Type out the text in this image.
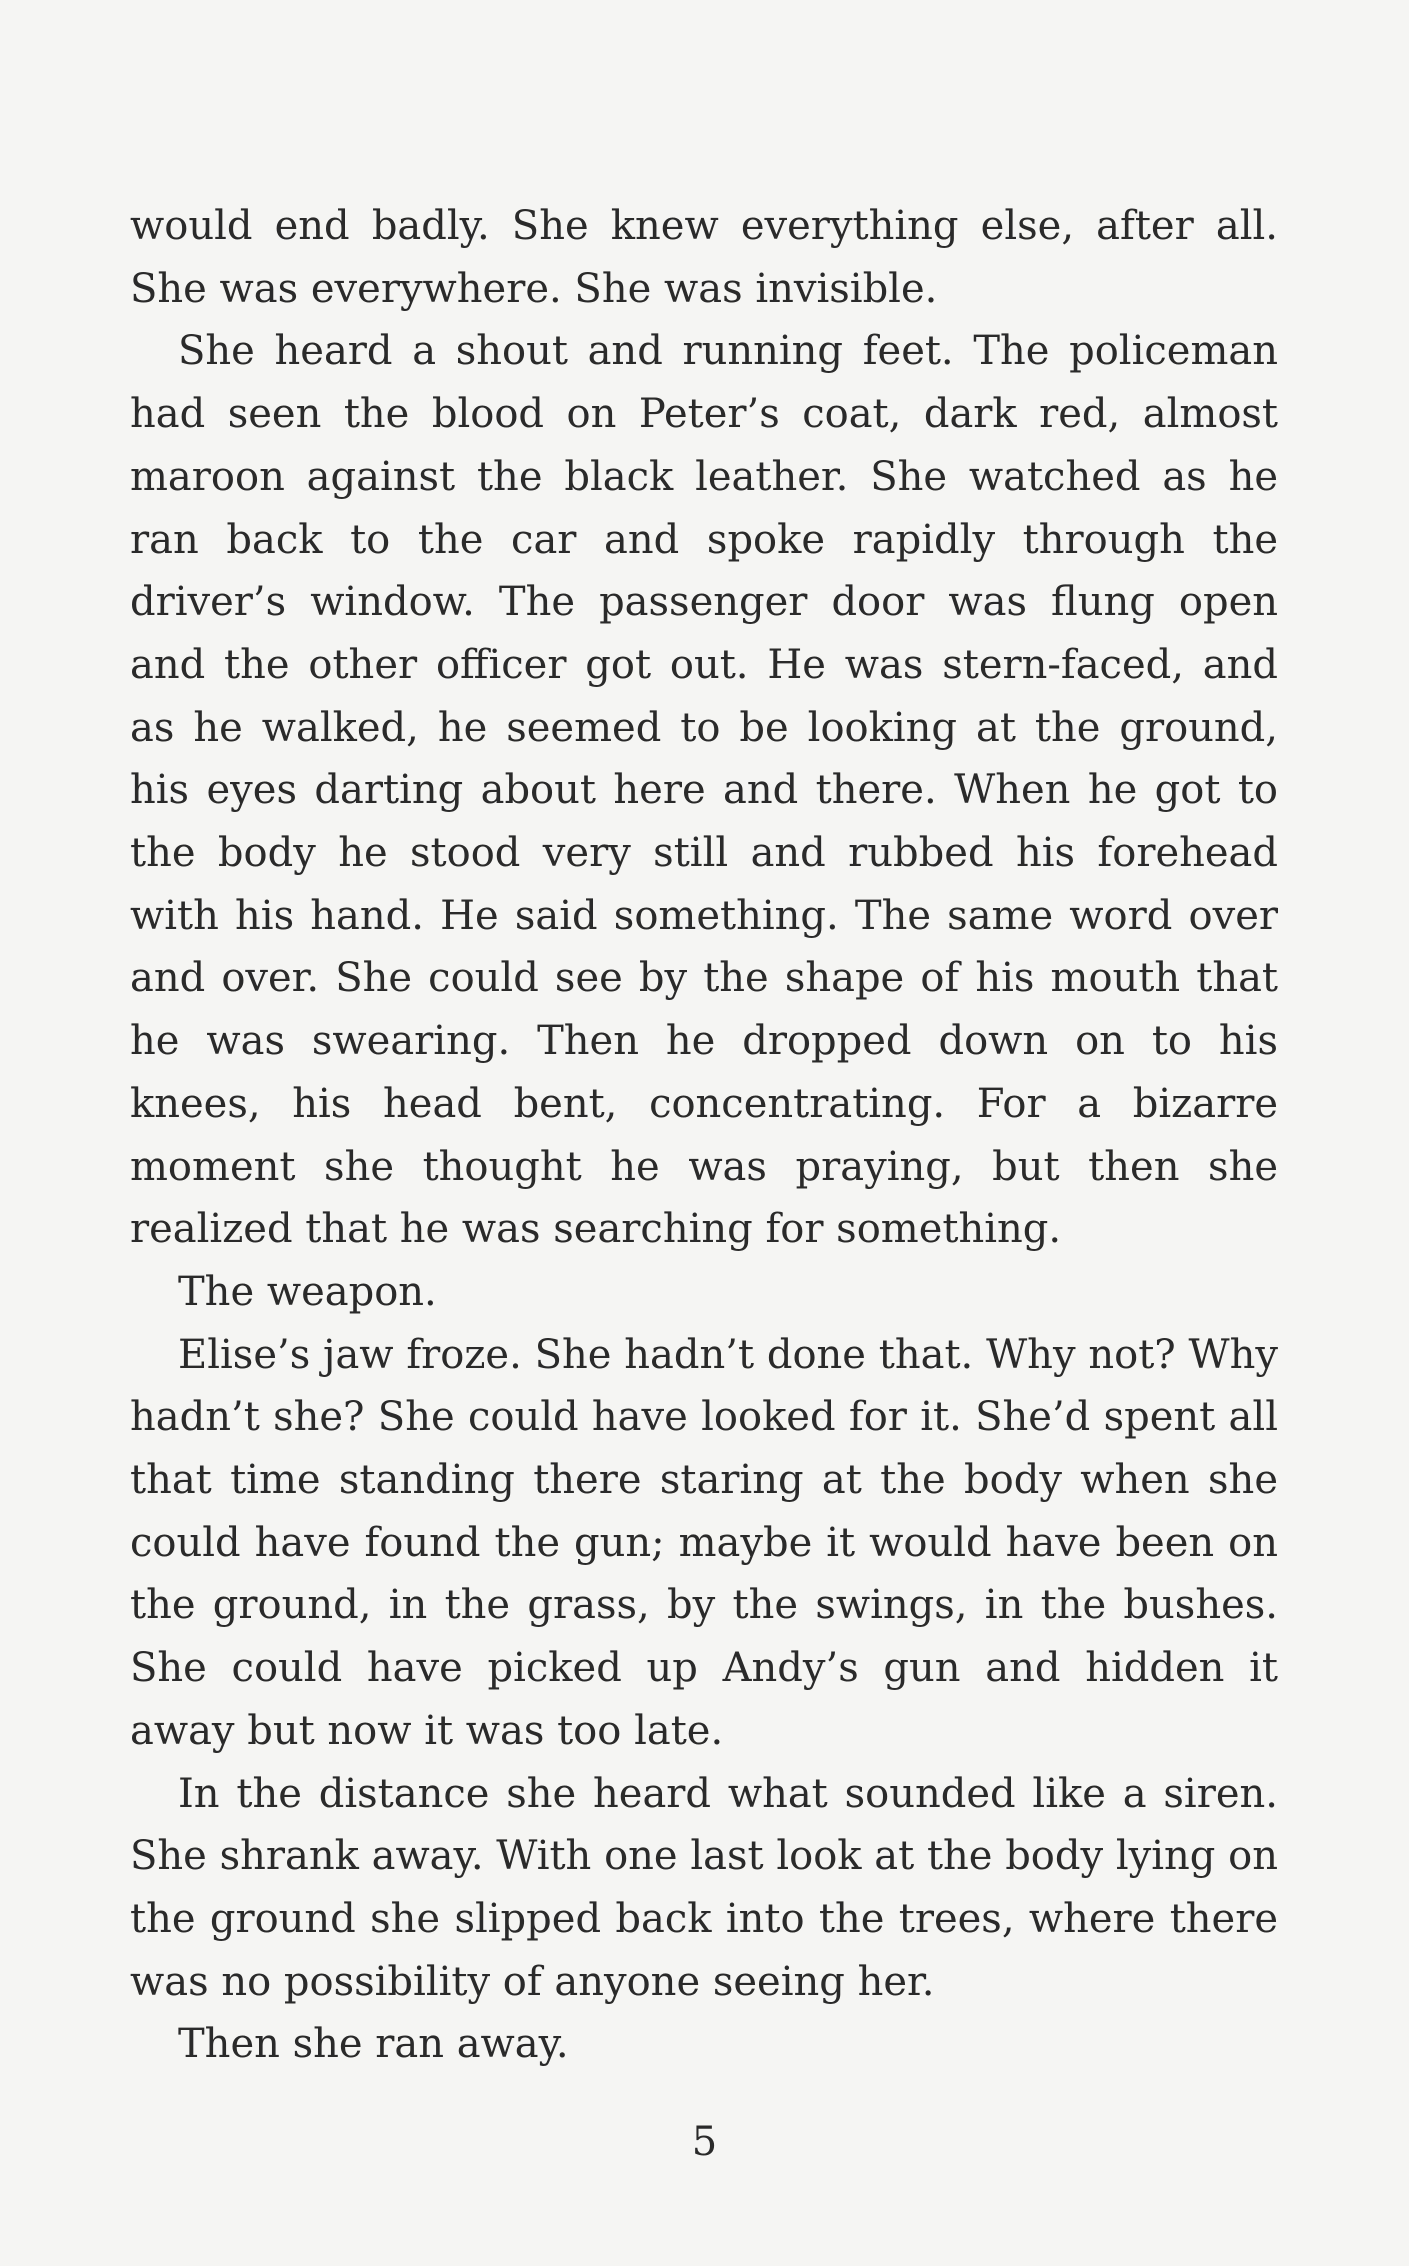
would end badly. She knew everything else, after all. She was everywhere. She was invisible.

She heard a shout and running feet. The policeman had seen the blood on Peter’s coat, dark red, almost maroon against the black leather. She watched as he ran back to the car and spoke rapidly through the driver’s window. The passenger door was flung open and the other officer got out. He was stern-faced, and as he walked, he seemed to be looking at the ground, his eyes darting about here and there. When he got to the body he stood very still and rubbed his forehead with his hand. He said something. The same word over and over. She could see by the shape of his mouth that he was swearing. Then he dropped down on to his knees, his head bent, concentrating. For a bizarre moment she thought he was praying, but then she realized that he was searching for something.

The weapon.

Elise’s jaw froze. She hadn’t done that. Why not? Why hadn’t she? She could have looked for it. She’d spent all that time standing there staring at the body when she could have found the gun; maybe it would have been on the ground, in the grass, by the swings, in the bushes. She could have picked up Andy’s gun and hidden it away but now it was too late.

In the distance she heard what sounded like a siren. She shrank away. With one last look at the body lying on the ground she slipped back into the trees, where there was no possibility of anyone seeing her.

Then she ran away.

5
